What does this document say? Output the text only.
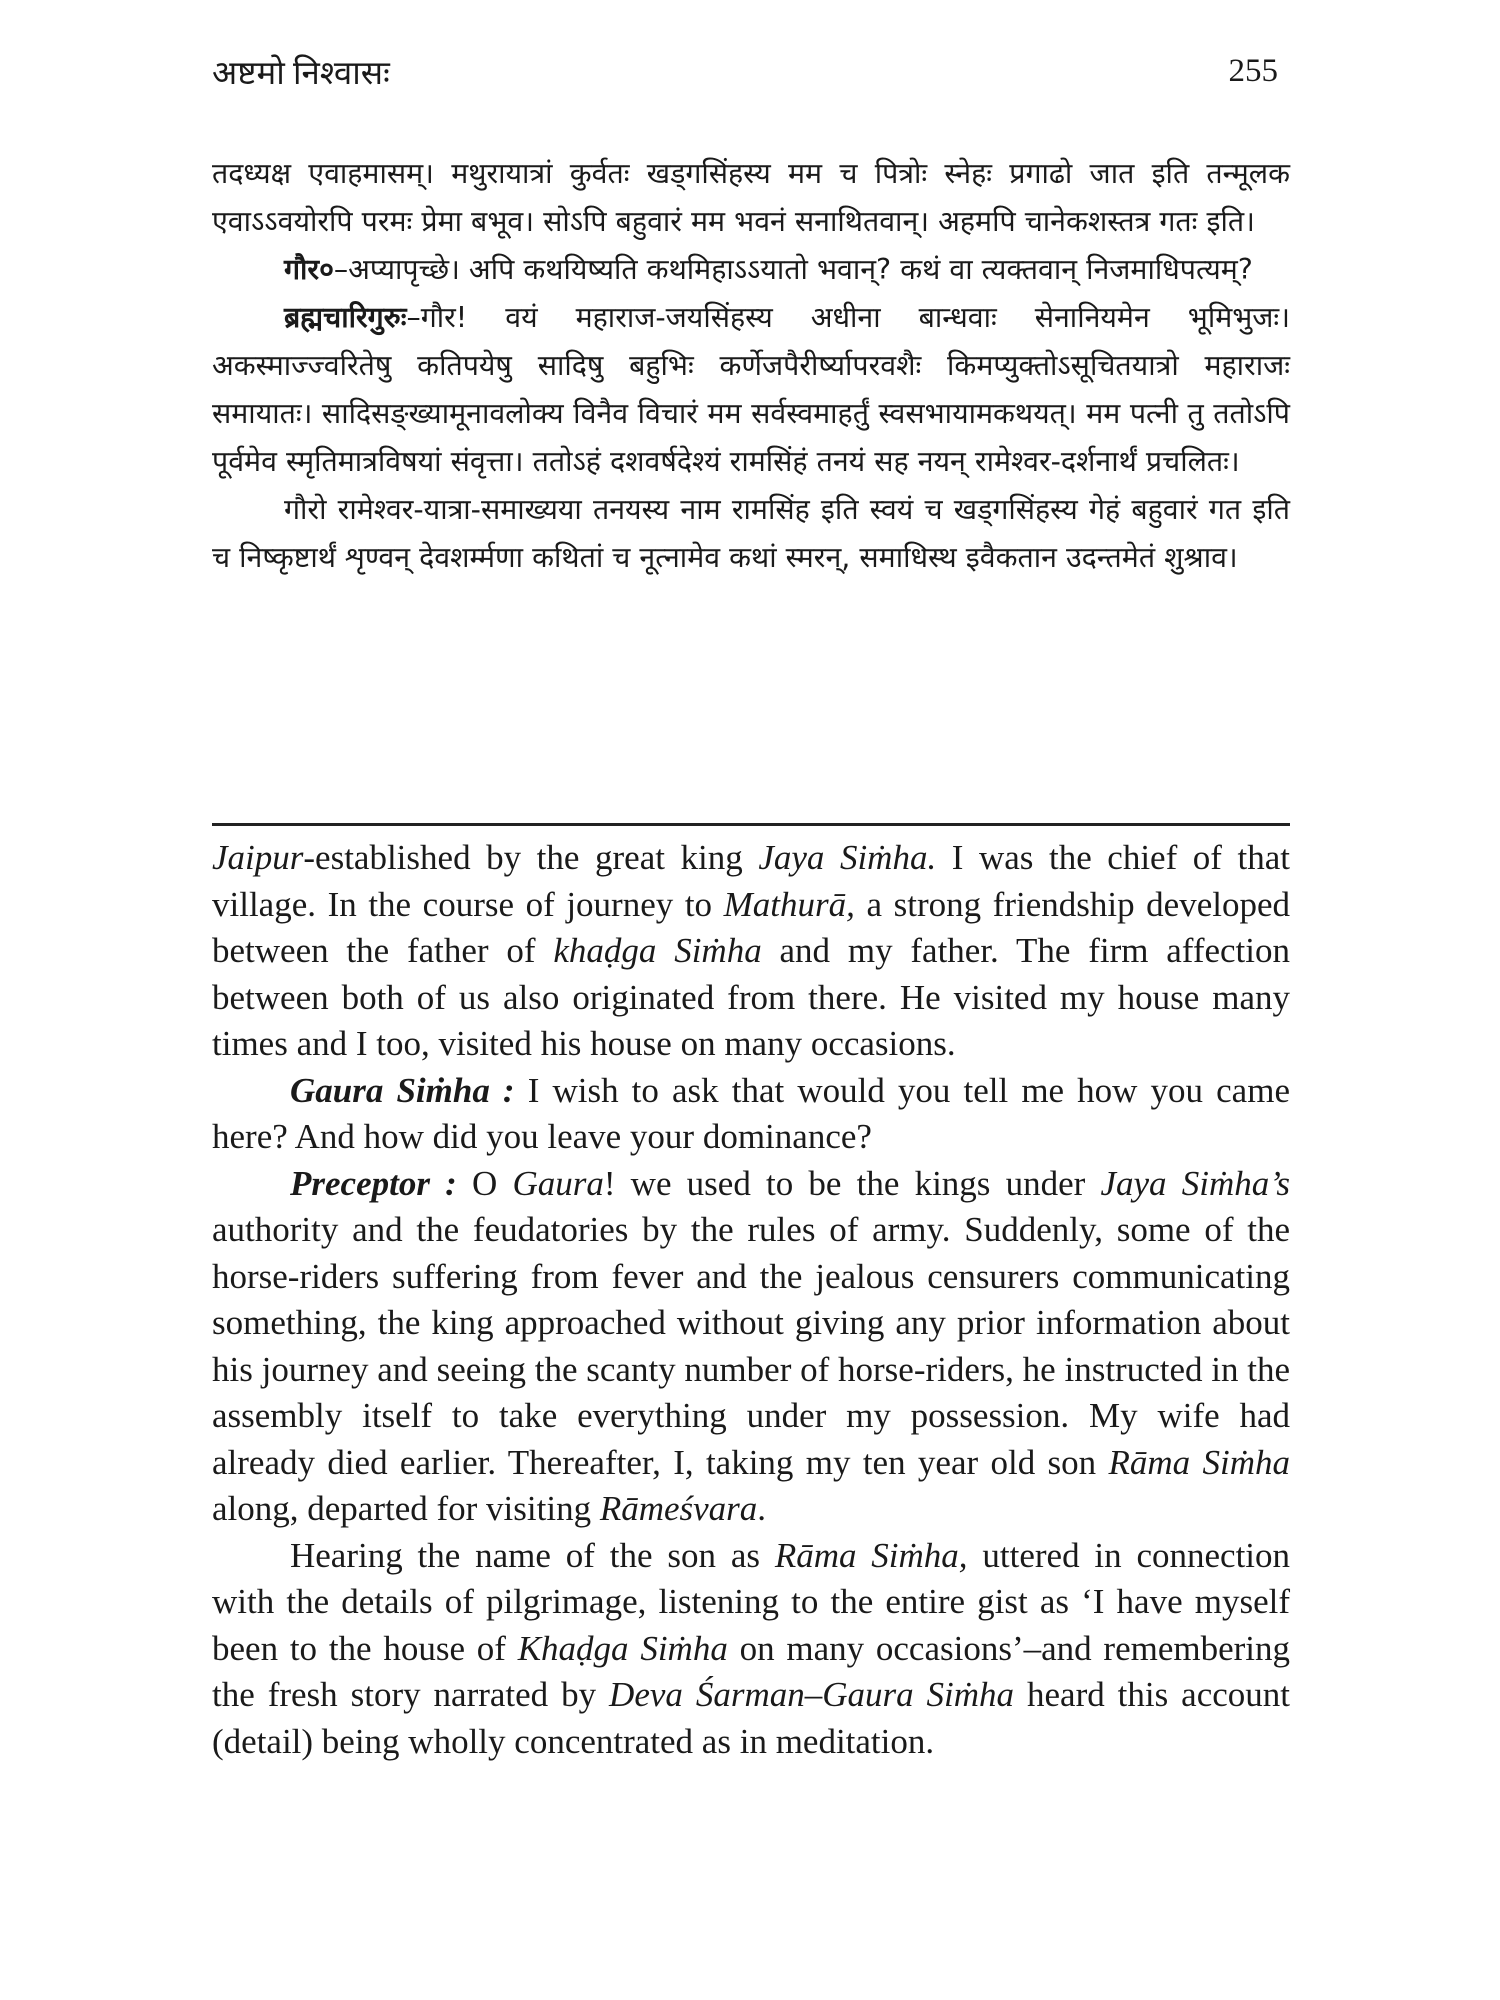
अष्टमो निश्वासः	255

तदध्यक्ष एवाहमासम्। मथुरायात्रां कुर्वतः खड्गसिंहस्य मम च पित्रोः स्नेहः प्रगाढो जात इति तन्मूलक एवाऽऽवयोरपि परमः प्रेमा बभूव। सोऽपि बहुवारं मम भवनं सनाथितवान्। अहमपि चानेकशस्तत्र गतः इति।

गौर०–अप्यापृच्छे। अपि कथयिष्यति कथमिहाऽऽयातो भवान्? कथं वा त्यक्तवान् निजमाधिपत्यम्?

ब्रह्मचारिगुरुः–गौर! वयं महाराज-जयसिंहस्य अधीना बान्धवाः सेनानियमेन भूमिभुजः। अकस्माज्ज्वरितेषु कतिपयेषु सादिषु बहुभिः कर्णेजपैरीर्ष्यापरवशैः किमप्युक्तोऽसूचितयात्रो महाराजः समायातः। सादिसङ्ख्यामूनावलोक्य विनैव विचारं मम सर्वस्वमाहर्तुं स्वसभायामकथयत्। मम पत्नी तु ततोऽपि पूर्वमेव स्मृतिमात्रविषयां संवृत्ता। ततोऽहं दशवर्षदेश्यं रामसिंहं तनयं सह नयन् रामेश्वर-दर्शनार्थं प्रचलितः।

गौरो रामेश्वर-यात्रा-समाख्यया तनयस्य नाम रामसिंह इति स्वयं च खड्गसिंहस्य गेहं बहुवारं गत इति च निष्कृष्टार्थं शृण्वन् देवशर्म्मणा कथितां च नूत्नामेव कथां स्मरन्, समाधिस्थ इवैकतान उदन्तमेतं शुश्राव।

Jaipur-established by the great king Jaya Siṁha. I was the chief of that village. In the course of journey to Mathurā, a strong friendship developed between the father of khaḍga Siṁha and my father. The firm affection between both of us also originated from there. He visited my house many times and I too, visited his house on many occasions.

Gaura Siṁha : I wish to ask that would you tell me how you came here? And how did you leave your dominance?

Preceptor : O Gaura! we used to be the kings under Jaya Siṁha’s authority and the feudatories by the rules of army. Suddenly, some of the horse-riders suffering from fever and the jealous censurers communicating something, the king approached without giving any prior information about his journey and seeing the scanty number of horse-riders, he instructed in the assembly itself to take everything under my possession. My wife had already died earlier. Thereafter, I, taking my ten year old son Rāma Siṁha along, departed for visiting Rāmeśvara.

Hearing the name of the son as Rāma Siṁha, uttered in connection with the details of pilgrimage, listening to the entire gist as ‘I have myself been to the house of Khaḍga Siṁha on many occasions’–and remembering the fresh story narrated by Deva Śarman–Gaura Siṁha heard this account (detail) being wholly concentrated as in meditation.
